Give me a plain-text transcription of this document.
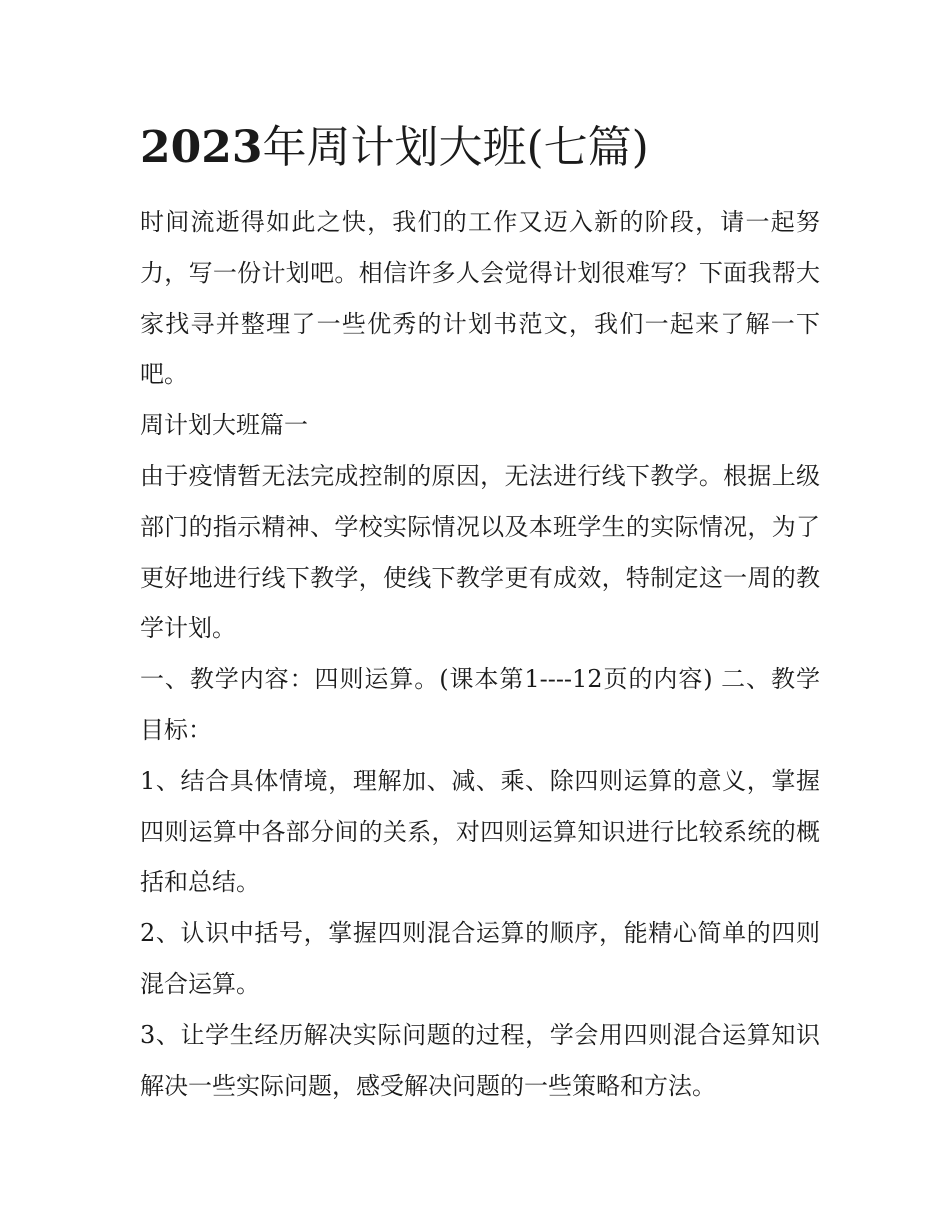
2023年周计划大班(七篇)

时间流逝得如此之快，我们的工作又迈入新的阶段，请一起努力，写一份计划吧。相信许多人会觉得计划很难写？下面我帮大家找寻并整理了一些优秀的计划书范文，我们一起来了解一下吧。

周计划大班篇一

由于疫情暂无法完成控制的原因，无法进行线下教学。根据上级部门的指示精神、学校实际情况以及本班学生的实际情况，为了更好地进行线下教学，使线下教学更有成效，特制定这一周的教学计划。

一、教学内容：四则运算。(课本第1----12页的内容) 二、教学目标：

1、结合具体情境，理解加、减、乘、除四则运算的意义，掌握四则运算中各部分间的关系，对四则运算知识进行比较系统的概括和总结。

2、认识中括号，掌握四则混合运算的顺序，能精心简单的四则混合运算。

3、让学生经历解决实际问题的过程，学会用四则混合运算知识解决一些实际问题，感受解决问题的一些策略和方法。
